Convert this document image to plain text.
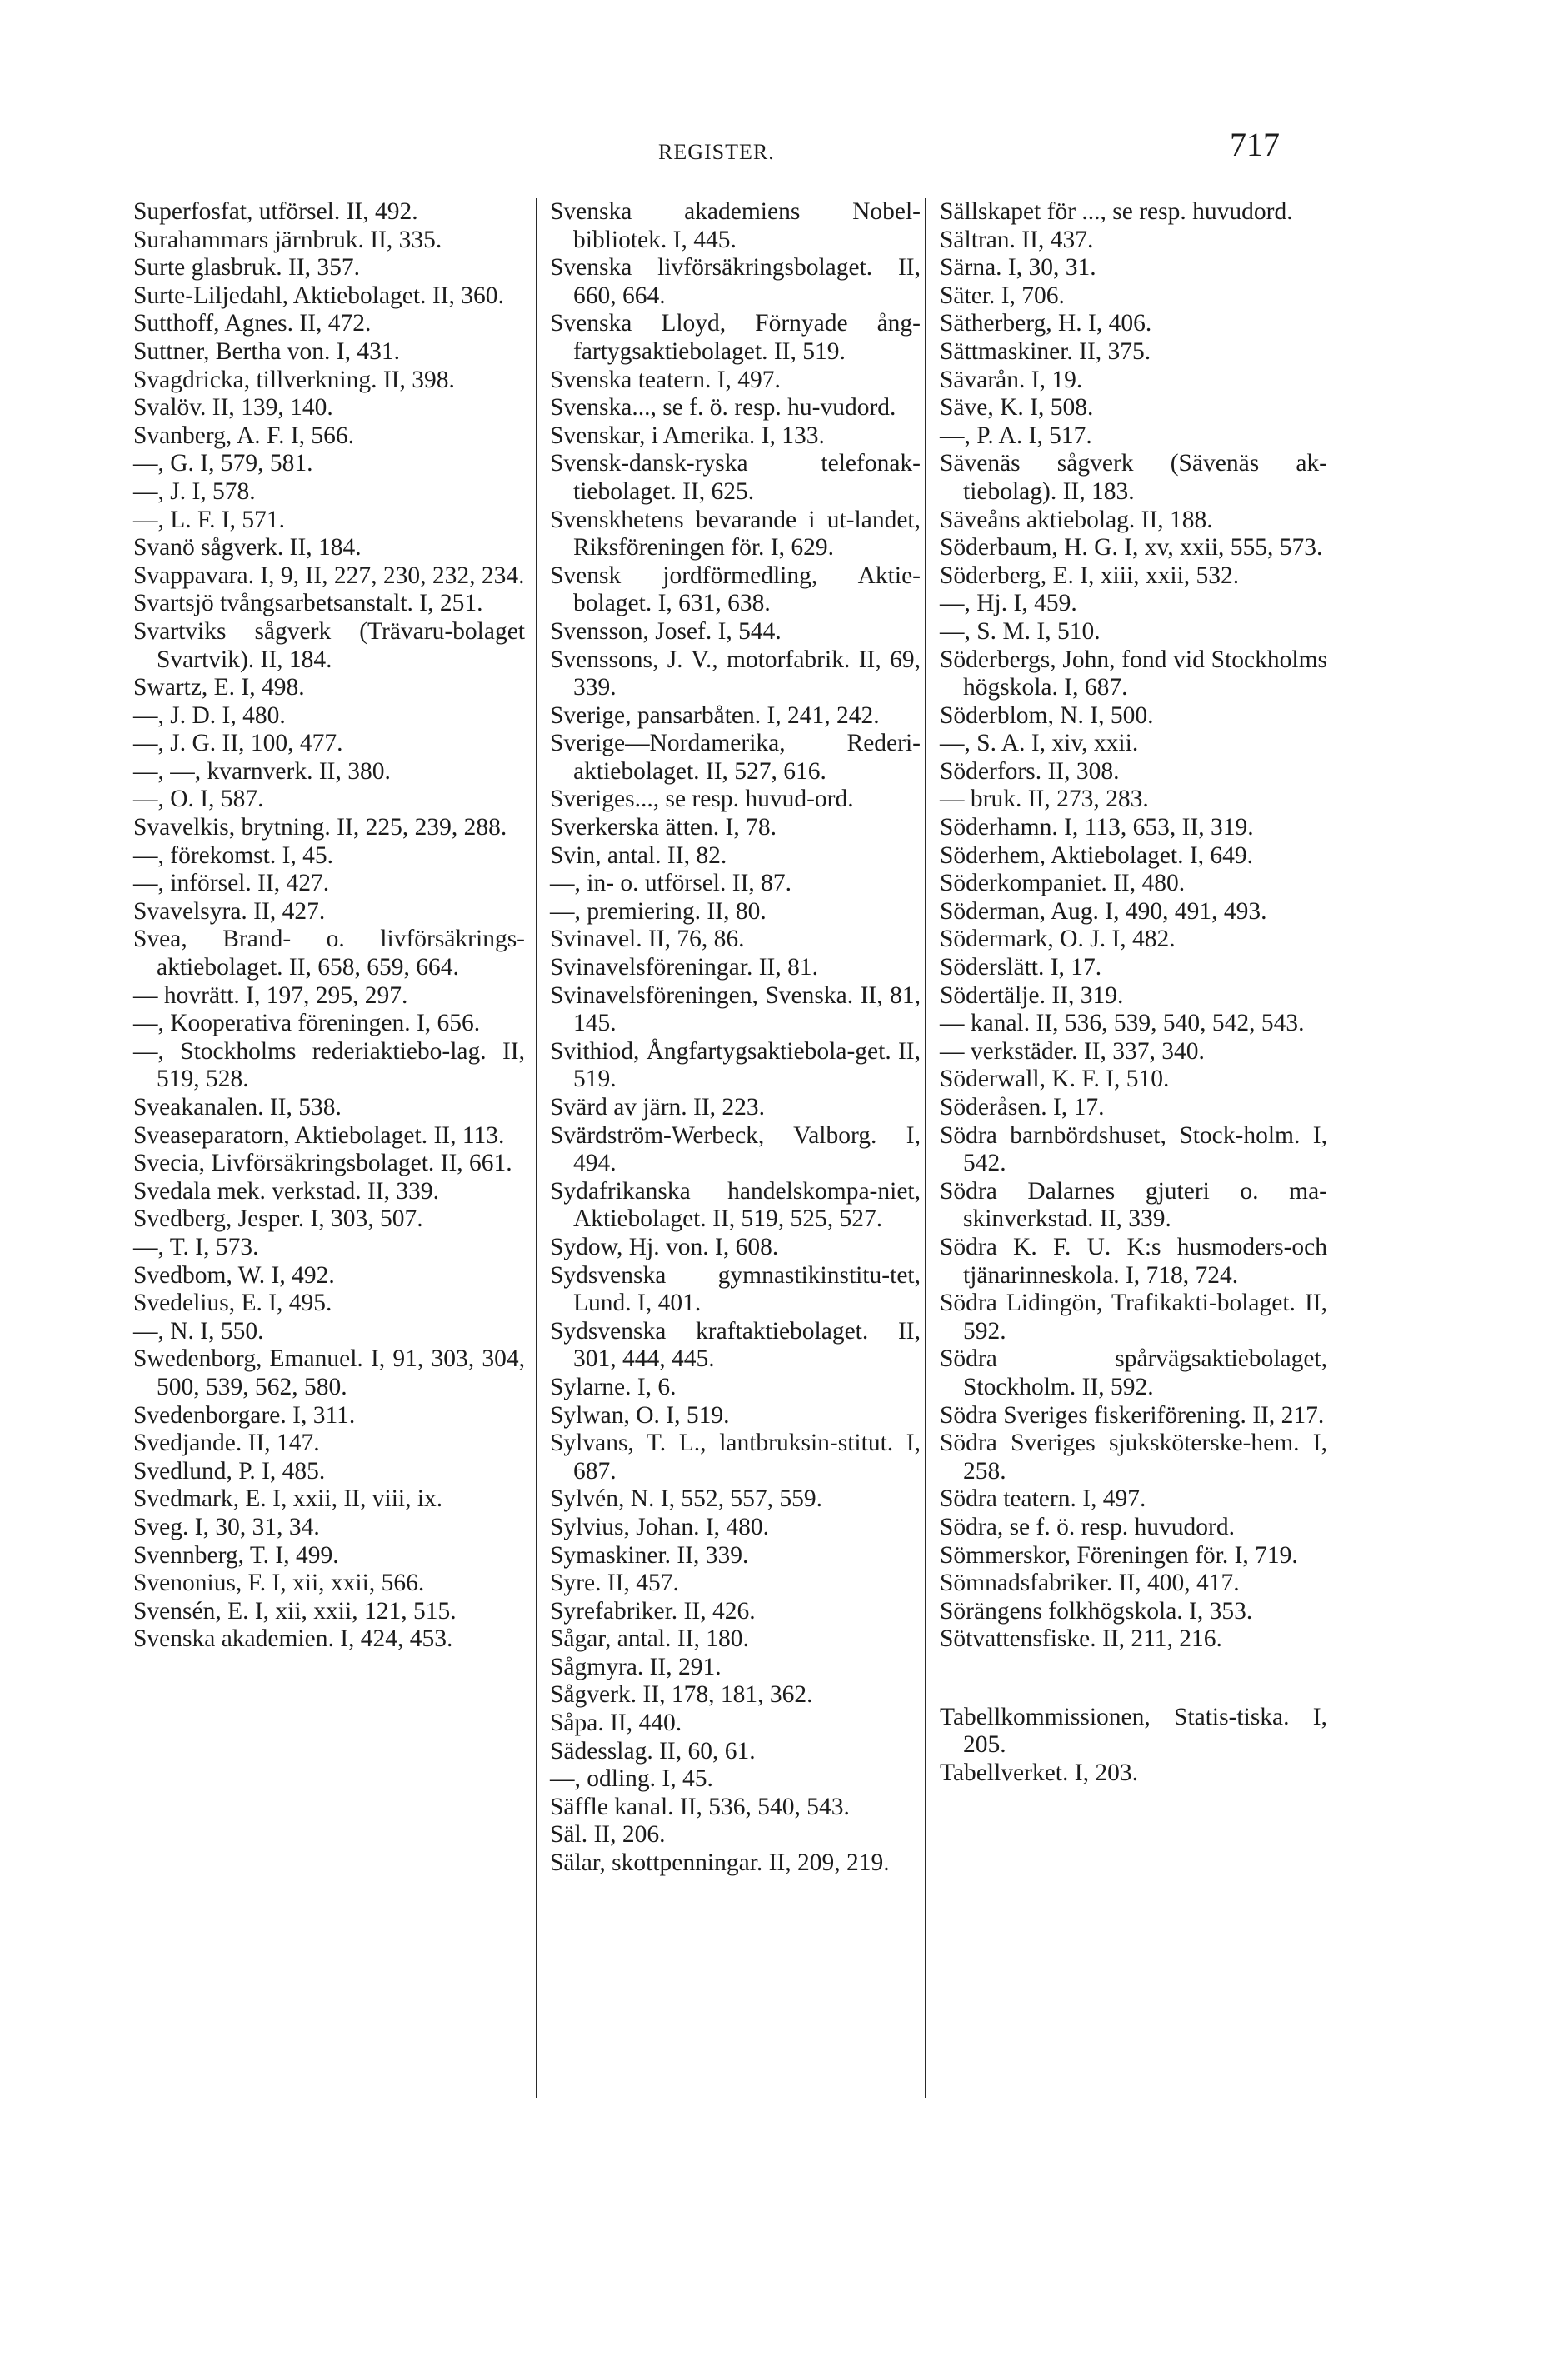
REGISTER.	717
Superfosfat, utförsel. II, 492.
Surahammars järnbruk. II, 335.
Surte glasbruk. II, 357.
Surte-Liljedahl, Aktiebolaget. II, 360.
Sutthoff, Agnes. II, 472.
Suttner, Bertha von. I, 431.
Svagdricka, tillverkning. II, 398.
Svalöv. II, 139, 140.
Svanberg, A. F. I, 566.
—, G. I, 579, 581.
—, J. I, 578.
—, L. F. I, 571.
Svanö sågverk. II, 184.
Svappavara. I, 9, II, 227, 230, 232, 234.
Svartsjö tvångsarbetsanstalt. I, 251.
Svartviks sågverk (Trävaru-bolaget Svartvik). II, 184.
Swartz, E. I, 498.
—, J. D. I, 480.
—, J. G. II, 100, 477.
—, —, kvarnverk. II, 380.
—, O. I, 587.
Svavelkis, brytning. II, 225, 239, 288.
—, förekomst. I, 45.
—, införsel. II, 427.
Svavelsyra. II, 427.
Svea, Brand- o. livförsäkrings-aktiebolaget. II, 658, 659, 664.
— hovrätt. I, 197, 295, 297.
—, Kooperativa föreningen. I, 656.
—, Stockholms rederiaktiebo-lag. II, 519, 528.
Sveakanalen. II, 538.
Sveaseparatorn, Aktiebolaget. II, 113.
Svecia, Livförsäkringsbolaget. II, 661.
Svedala mek. verkstad. II, 339.
Svedberg, Jesper. I, 303, 507.
—, T. I, 573.
Svedbom, W. I, 492.
Svedelius, E. I, 495.
—, N. I, 550.
Swedenborg, Emanuel. I, 91, 303, 304, 500, 539, 562, 580.
Svedenborgare. I, 311.
Svedjande. II, 147.
Svedlund, P. I, 485.
Svedmark, E. I, xxii, II, viii, ix.
Sveg. I, 30, 31, 34.
Svennberg, T. I, 499.
Svenonius, F. I, xii, xxii, 566.
Svensén, E. I, xii, xxii, 121, 515.
Svenska akademien. I, 424, 453.
Svenska akademiens Nobel-bibliotek. I, 445.
Svenska livförsäkringsbolaget. II, 660, 664.
Svenska Lloyd, Förnyade ång-fartygsaktiebolaget. II, 519.
Svenska teatern. I, 497.
Svenska..., se f. ö. resp. hu-vudord.
Svenskar, i Amerika. I, 133.
Svensk-dansk-ryska telefonak-tiebolaget. II, 625.
Svenskhetens bevarande i ut-landet, Riksföreningen för. I, 629.
Svensk jordförmedling, Aktie-bolaget. I, 631, 638.
Svensson, Josef. I, 544.
Svenssons, J. V., motorfabrik. II, 69, 339.
Sverige, pansarbåten. I, 241, 242.
Sverige—Nordamerika, Rederi-aktiebolaget. II, 527, 616.
Sveriges..., se resp. huvud-ord.
Sverkerska ätten. I, 78.
Svin, antal. II, 82.
—, in- o. utförsel. II, 87.
—, premiering. II, 80.
Svinavel. II, 76, 86.
Svinavelsföreningar. II, 81.
Svinavelsföreningen, Svenska. II, 81, 145.
Svithiod, Ångfartygsaktiebola-get. II, 519.
Svärd av järn. II, 223.
Svärdström-Werbeck, Valborg. I, 494.
Sydafrikanska handelskompa-niet, Aktiebolaget. II, 519, 525, 527.
Sydow, Hj. von. I, 608.
Sydsvenska gymnastikinstitu-tet, Lund. I, 401.
Sydsvenska kraftaktiebolaget. II, 301, 444, 445.
Sylarne. I, 6.
Sylwan, O. I, 519.
Sylvans, T. L., lantbruksin-stitut. I, 687.
Sylvén, N. I, 552, 557, 559.
Sylvius, Johan. I, 480.
Symaskiner. II, 339.
Syre. II, 457.
Syrefabriker. II, 426.
Sågar, antal. II, 180.
Sågmyra. II, 291.
Sågverk. II, 178, 181, 362.
Såpa. II, 440.
Sädesslag. II, 60, 61.
—, odling. I, 45.
Säffle kanal. II, 536, 540, 543.
Säl. II, 206.
Sälar, skottpenningar. II, 209, 219.
Sällskapet för ..., se resp. huvudord.
Sältran. II, 437.
Särna. I, 30, 31.
Säter. I, 706.
Sätherberg, H. I, 406.
Sättmaskiner. II, 375.
Sävarån. I, 19.
Säve, K. I, 508.
—, P. A. I, 517.
Sävenäs sågverk (Sävenäs ak-tiebolag). II, 183.
Säveåns aktiebolag. II, 188.
Söderbaum, H. G. I, xv, xxii, 555, 573.
Söderberg, E. I, xiii, xxii, 532.
—, Hj. I, 459.
—, S. M. I, 510.
Söderbergs, John, fond vid Stockholms högskola. I, 687.
Söderblom, N. I, 500.
—, S. A. I, xiv, xxii.
Söderfors. II, 308.
— bruk. II, 273, 283.
Söderhamn. I, 113, 653, II, 319.
Söderhem, Aktiebolaget. I, 649.
Söderkompaniet. II, 480.
Söderman, Aug. I, 490, 491, 493.
Södermark, O. J. I, 482.
Söderslätt. I, 17.
Södertälje. II, 319.
— kanal. II, 536, 539, 540, 542, 543.
— verkstäder. II, 337, 340.
Söderwall, K. F. I, 510.
Söderåsen. I, 17.
Södra barnbördshuset, Stock-holm. I, 542.
Södra Dalarnes gjuteri o. ma-skinverkstad. II, 339.
Södra K. F. U. K:s husmoders-och tjänarinneskola. I, 718, 724.
Södra Lidingön, Trafikakti-bolaget. II, 592.
Södra spårvägsaktiebolaget, Stockholm. II, 592.
Södra Sveriges fiskeriförening. II, 217.
Södra Sveriges sjuksköterske-hem. I, 258.
Södra teatern. I, 497.
Södra, se f. ö. resp. huvudord.
Sömmerskor, Föreningen för. I, 719.
Sömnadsfabriker. II, 400, 417.
Sörängens folkhögskola. I, 353.
Sötvattensfiske. II, 211, 216.
Tabellkommissionen, Statis-tiska. I, 205.
Tabellverket. I, 203.
